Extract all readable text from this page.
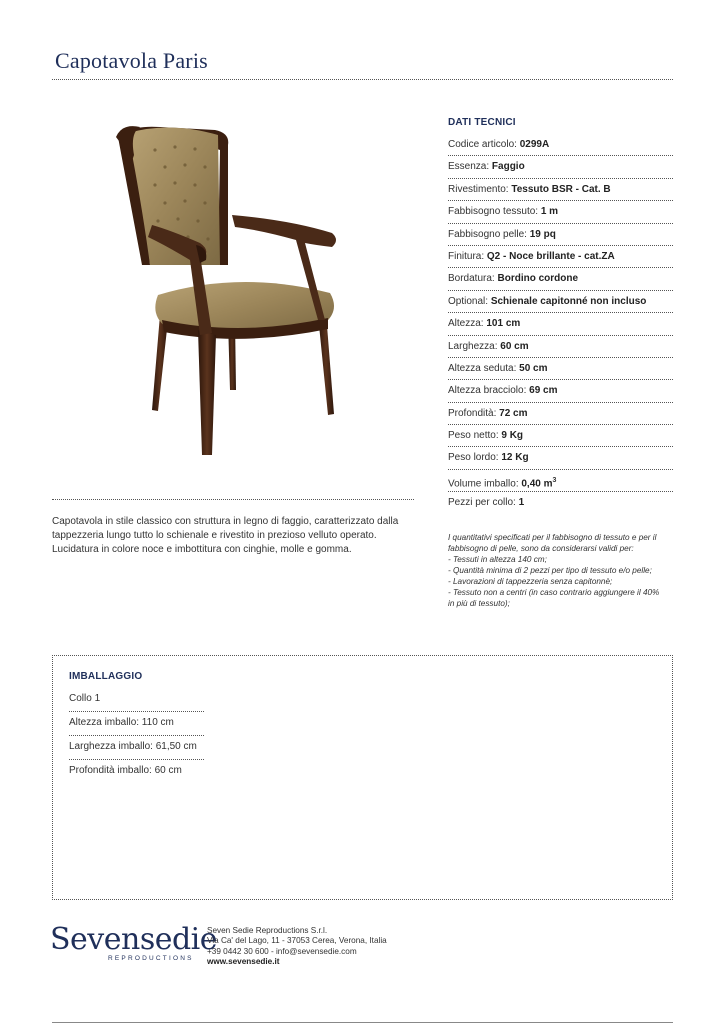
Capotavola Paris
DATI TECNICI
Codice articolo: 0299A
Essenza: Faggio
Rivestimento: Tessuto BSR - Cat. B
Fabbisogno tessuto: 1 m
Fabbisogno pelle: 19 pq
Finitura: Q2 - Noce brillante - cat.ZA
Bordatura: Bordino cordone
Optional: Schienale capitonné non incluso
Altezza: 101 cm
Larghezza: 60 cm
Altezza seduta: 50 cm
Altezza bracciolo: 69 cm
Profondità: 72 cm
Peso netto: 9 Kg
Peso lordo: 12 Kg
Volume imballo: 0,40 $m^3$
Pezzi per collo: 1
Capotavola in stile classico con struttura in legno di faggio, caratterizzato dalla tappezzeria lungo tutto lo schienale e rivestito in prezioso velluto operato. Lucidatura in colore noce e imbottitura con cinghie, molle e gomma.
I quantitativi specificati per il fabbisogno di tessuto e per il
fabbisogno di pelle, sono da considerarsi validi per:
- Tessuti in altezza 140 cm;
- Quantità minima di 2 pezzi per tipo di tessuto e/o pelle;
- Lavorazioni di tappezzeria senza capitonnè;
- Tessuto non a centri (in caso contrario aggiungere il 40%
in più di tessuto);
IMBALLAGGIO
Collo 1
Altezza imballo: 110 cm
Larghezza imballo: 61,50 cm
Profondità imballo: 60 cm
Sevensedie
REPRODUCTIONS
Seven Sedie Reproductions S.r.l.
Via Ca' del Lago, 11 - 37053 Cerea, Verona, Italia
+39 0442 30 600 - info@sevensedie.com
www.sevensedie.it
